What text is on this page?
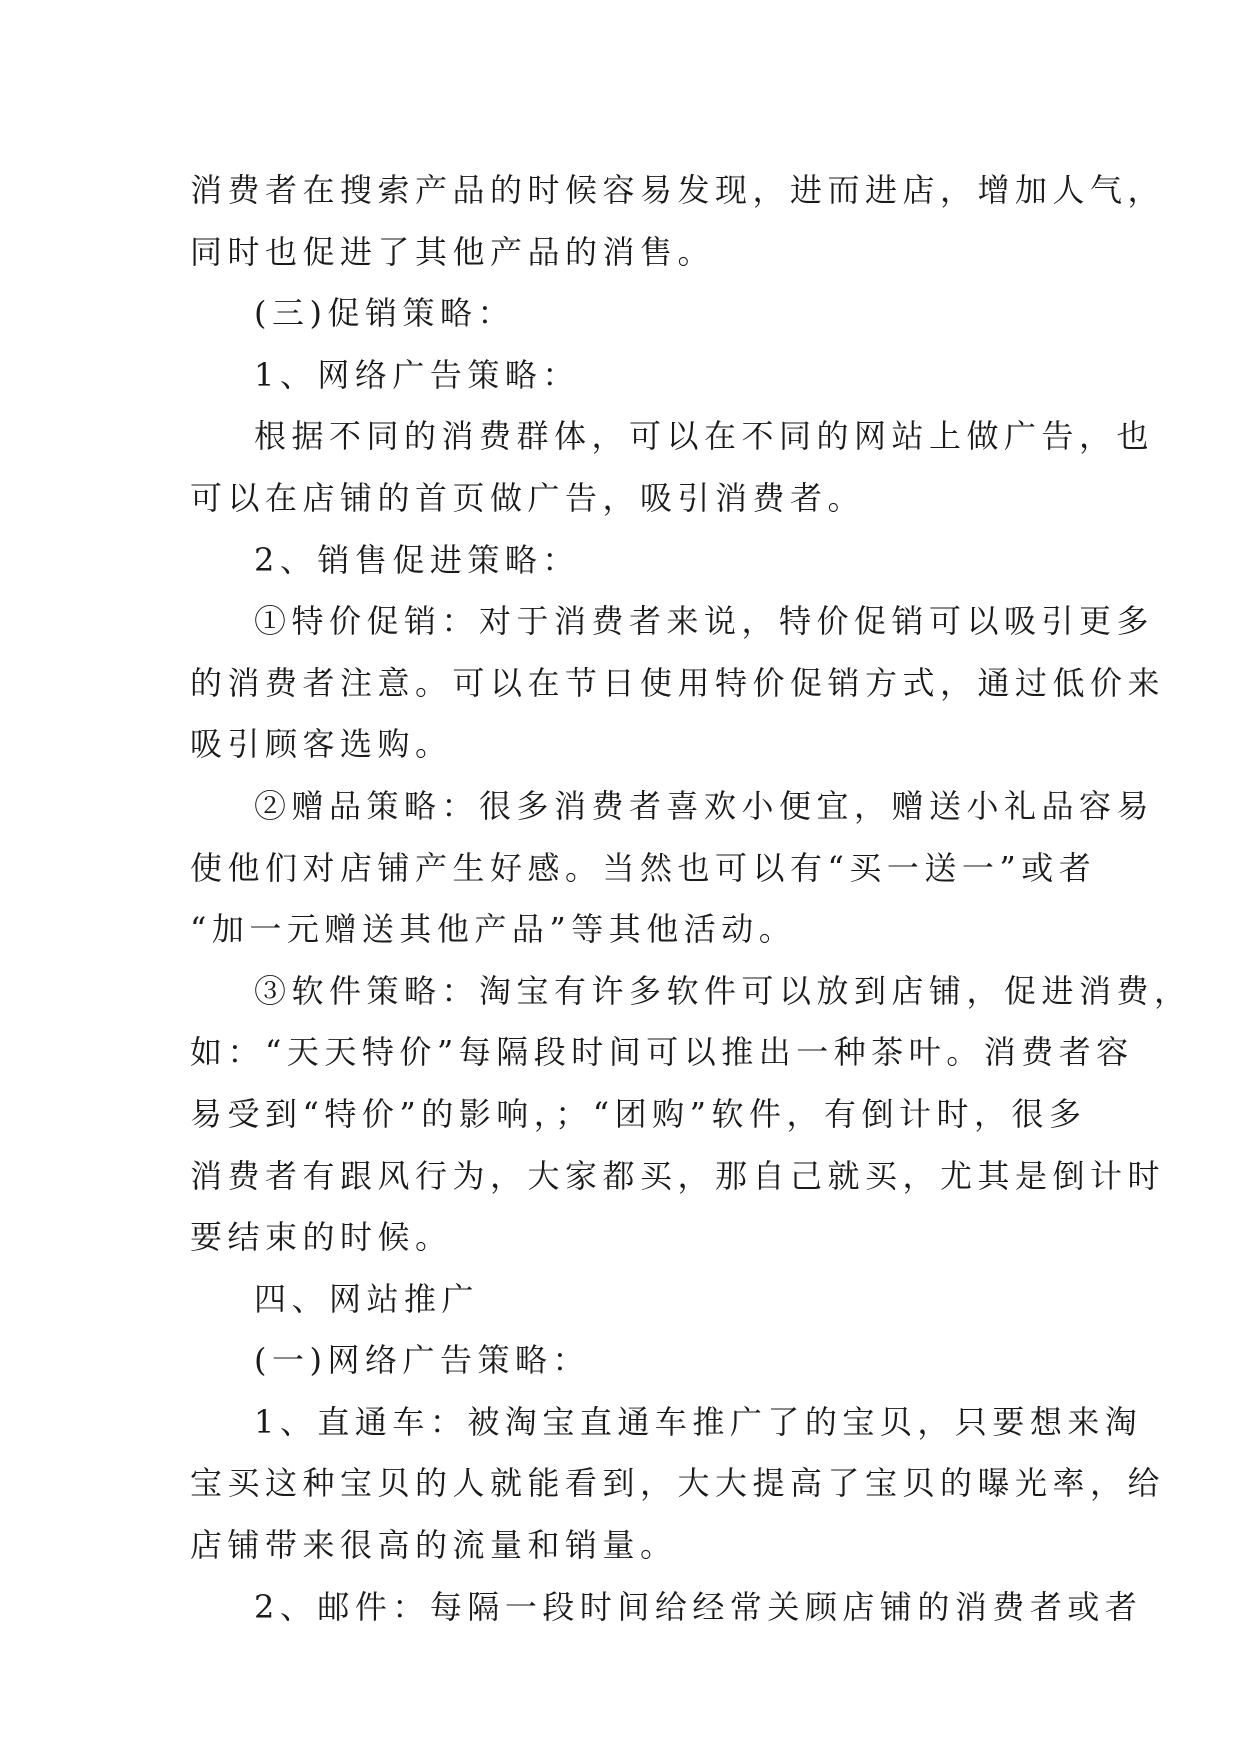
消费者在搜索产品的时候容易发现，进而进店，增加人气，
同时也促进了其他产品的消售。
(三)促销策略：
1、网络广告策略：
根据不同的消费群体，可以在不同的网站上做广告，也
可以在店铺的首页做广告，吸引消费者。
2、销售促进策略：
①特价促销：对于消费者来说，特价促销可以吸引更多
的消费者注意。可以在节日使用特价促销方式，通过低价来
吸引顾客选购。
②赠品策略：很多消费者喜欢小便宜，赠送小礼品容易
使他们对店铺产生好感。当然也可以有“买一送一”或者
“加一元赠送其他产品”等其他活动。
③软件策略：淘宝有许多软件可以放到店铺，促进消费，
如：“天天特价”每隔段时间可以推出一种茶叶。消费者容
易受到“特价”的影响，；“团购”软件，有倒计时，很多
消费者有跟风行为，大家都买，那自己就买，尤其是倒计时
要结束的时候。
四、网站推广
(一)网络广告策略：
1、直通车：被淘宝直通车推广了的宝贝，只要想来淘
宝买这种宝贝的人就能看到，大大提高了宝贝的曝光率，给
店铺带来很高的流量和销量。
2、邮件：每隔一段时间给经常关顾店铺的消费者或者
